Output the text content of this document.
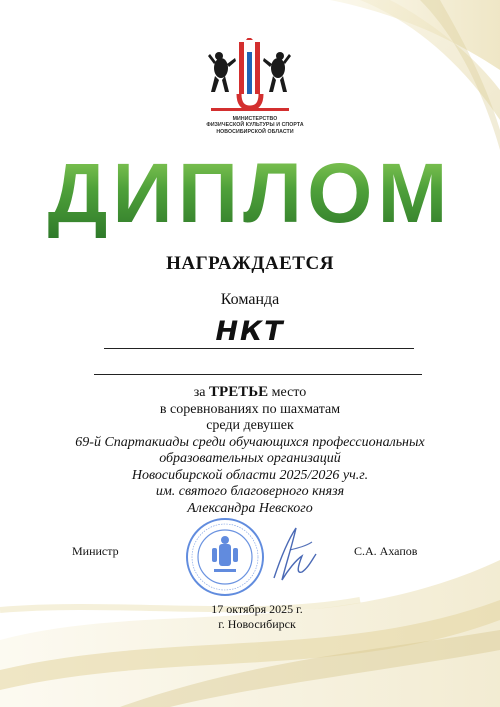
МИНИСТЕРСТВО
ФИЗИЧЕСКОЙ КУЛЬТУРЫ И СПОРТА
НОВОСИБИРСКОЙ ОБЛАСТИ
ДИПЛОМ
НАГРАЖДАЕТСЯ
Команда
НКТ
за ТРЕТЬЕ место
в соревнованиях по шахматам
среди девушек
69-й Спартакиады среди обучающихся профессиональных
образовательных организаций
Новосибирской области 2025/2026 уч.г.
им. святого благоверного князя
Александра Невского
Министр	С.А. Ахапов
17 октября 2025 г.
г. Новосибирск
